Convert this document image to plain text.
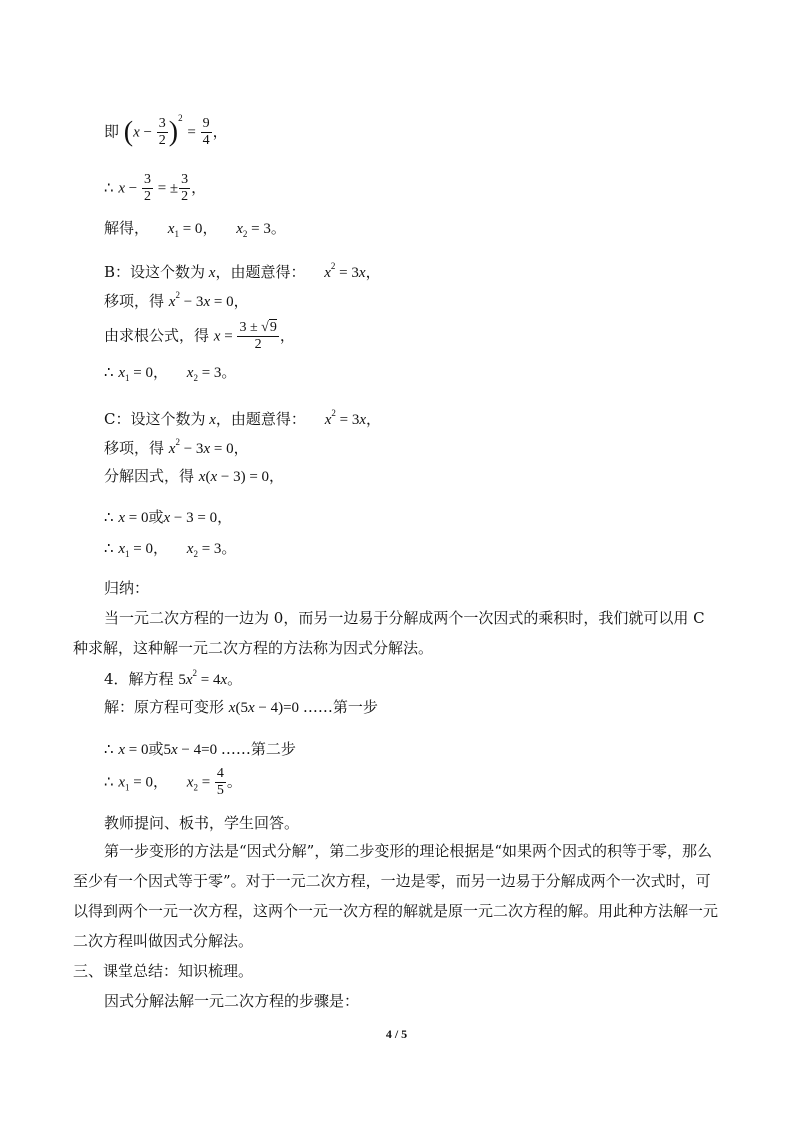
即 $(x - \frac{3}{2} )^2 = \frac{9}{4}$ ，
∴ $x - \frac{3}{2}$ = ± $\frac{3}{2}$ ，
解得， $x_1 = 0$， $x_2 = 3$。
B：设这个数为 x，由题意得： $x^2 = 3x$，
移项，得 $x^2 - 3x = 0$，
由求根公式，得 $x = \frac{3 \pm √9}{2}$ ，
∴ $x_1 = 0$， $x_2 = 3$。
C：设这个数为 x，由题意得： $x^2 = 3x$，
移项，得 $x^2 - 3x = 0$，
分解因式，得 x(x − 3) = 0，
∴ x = 0或x − 3 = 0，
∴ $x_1 = 0$， $x_2 = 3$。
归纳：
当一元二次方程的一边为 0，而另一边易于分解成两个一次因式的乘积时，我们就可以用 C 种求解，这种解一元二次方程的方法称为因式分解法。
4．解方程 $5x^2 = 4x$。
解：原方程可变形 x(5x − 4)=0 ……第一步
∴ x = 0或5x − 4=0 ……第二步
∴ $x_1 = 0$， $x_2 = \frac{4}{5}$ 。
教师提问、板书，学生回答。
第一步变形的方法是“因式分解”，第二步变形的理论根据是“如果两个因式的积等于零，那么至少有一个因式等于零”。对于一元二次方程，一边是零，而另一边易于分解成两个一次式时，可以得到两个一元一次方程，这两个一元一次方程的解就是原一元二次方程的解。用此种方法解一元二次方程叫做因式分解法。
三、课堂总结：知识梳理。
因式分解法解一元二次方程的步骤是：
4 / 5
